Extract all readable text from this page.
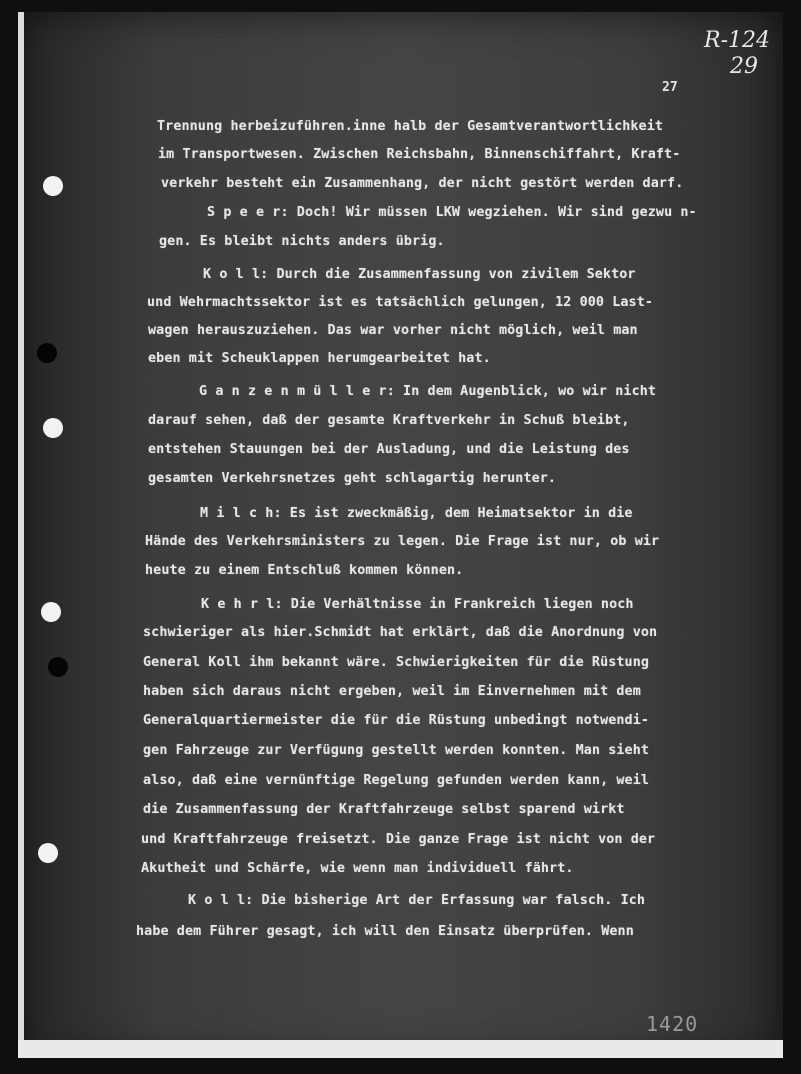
R-124
29
27
1420
Trennung herbeizuführen.inne halb der Gesamtverantwortlichkeit
im Transportwesen. Zwischen Reichsbahn, Binnenschiffahrt, Kraft-
verkehr besteht ein Zusammenhang, der nicht gestört werden darf.
S p e e r: Doch! Wir müssen LKW wegziehen. Wir sind gezwu n-
gen. Es bleibt nichts anders übrig.
K o l l: Durch die Zusammenfassung von zivilem Sektor
und Wehrmachtssektor ist es tatsächlich gelungen, 12 000 Last-
wagen herauszuziehen. Das war vorher nicht möglich, weil man
eben mit Scheuklappen herumgearbeitet hat.
G a n z e n m ü l l e r: In dem Augenblick, wo wir nicht
darauf sehen, daß der gesamte Kraftverkehr in Schuß bleibt,
entstehen Stauungen bei der Ausladung, und die Leistung des
gesamten Verkehrsnetzes geht schlagartig herunter.
M i l c h: Es ist zweckmäßig, dem Heimatsektor in die
Hände des Verkehrsministers zu legen. Die Frage ist nur, ob wir
heute zu einem Entschluß kommen können.
K e h r l: Die Verhältnisse in Frankreich liegen noch
schwieriger als hier.Schmidt hat erklärt, daß die Anordnung von
General Koll ihm bekannt wäre. Schwierigkeiten für die Rüstung
haben sich daraus nicht ergeben, weil im Einvernehmen mit dem
Generalquartiermeister die für die Rüstung unbedingt notwendi-
gen Fahrzeuge zur Verfügung gestellt werden konnten. Man sieht
also, daß eine vernünftige Regelung gefunden werden kann, weil
die Zusammenfassung der Kraftfahrzeuge selbst sparend wirkt
und Kraftfahrzeuge freisetzt. Die ganze Frage ist nicht von der
Akutheit und Schärfe, wie wenn man individuell fährt.
K o l l: Die bisherige Art der Erfassung war falsch. Ich
habe dem Führer gesagt, ich will den Einsatz überprüfen. Wenn
